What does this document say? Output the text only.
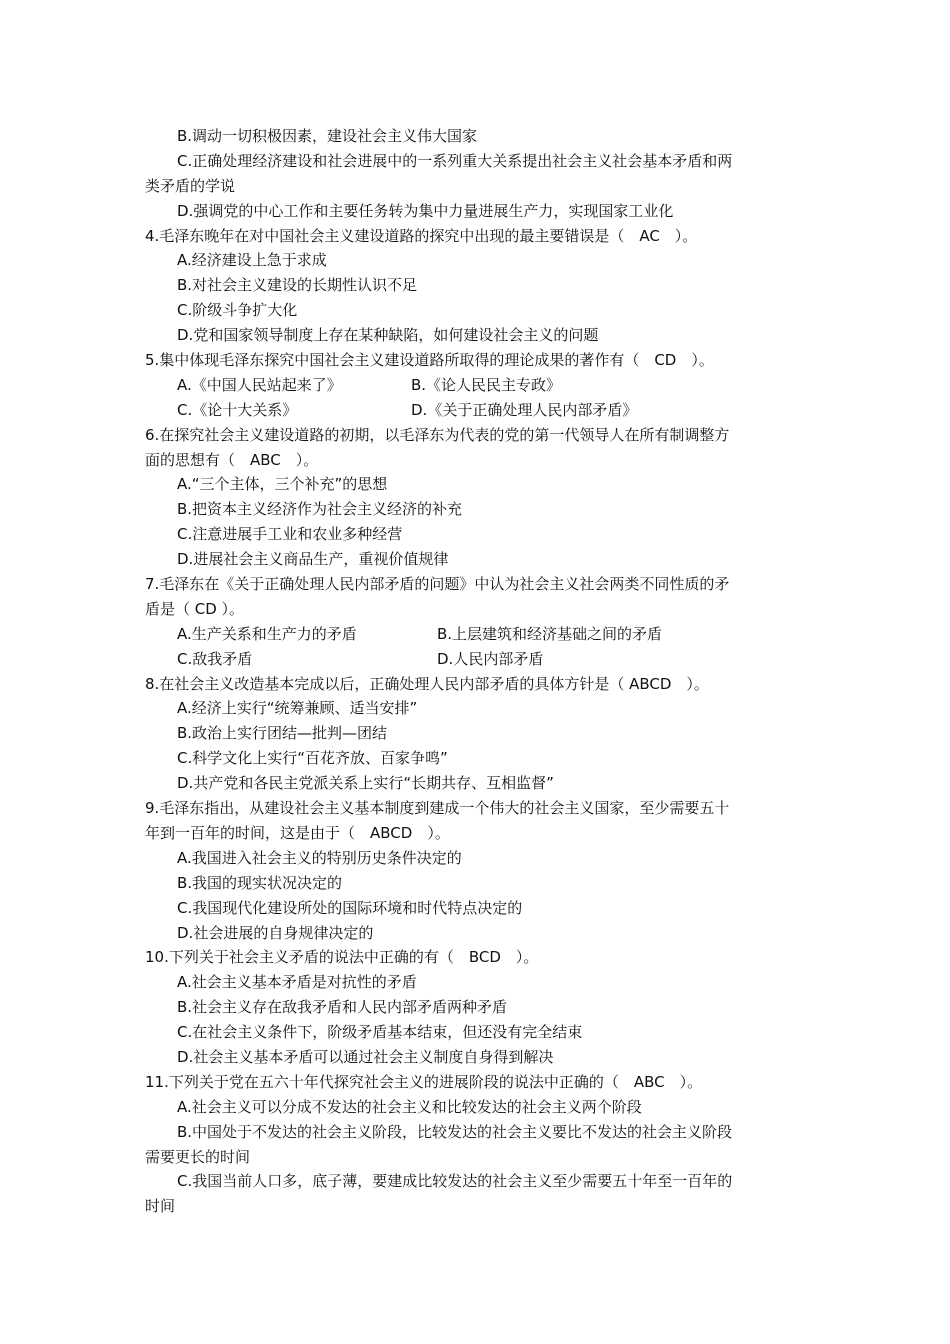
B.调动一切积极因素，建设社会主义伟大国家
C.正确处理经济建设和社会进展中的一系列重大关系提出社会主义社会基本矛盾和两
类矛盾的学说
D.强调党的中心工作和主要任务转为集中力量进展生产力，实现国家工业化
4.毛泽东晚年在对中国社会主义建设道路的探究中出现的最主要错误是（　AC　）。
A.经济建设上急于求成
B.对社会主义建设的长期性认识不足
C.阶级斗争扩大化
D.党和国家领导制度上存在某种缺陷，如何建设社会主义的问题
5.集中体现毛泽东探究中国社会主义建设道路所取得的理论成果的著作有（　CD　）。
A.《中国人民站起来了》	B.《论人民民主专政》
C.《论十大关系》	D.《关于正确处理人民内部矛盾》
6.在探究社会主义建设道路的初期，以毛泽东为代表的党的第一代领导人在所有制调整方
面的思想有（　ABC　）。
A.“三个主体，三个补充”的思想
B.把资本主义经济作为社会主义经济的补充
C.注意进展手工业和农业多种经营
D.进展社会主义商品生产，重视价值规律
7.毛泽东在《关于正确处理人民内部矛盾的问题》中认为社会主义社会两类不同性质的矛
盾是（ CD ）。
A.生产关系和生产力的矛盾	B.上层建筑和经济基础之间的矛盾
C.敌我矛盾	D.人民内部矛盾
8.在社会主义改造基本完成以后，正确处理人民内部矛盾的具体方针是（ ABCD　）。
A.经济上实行“统筹兼顾、适当安排”
B.政治上实行团结—批判—团结
C.科学文化上实行“百花齐放、百家争鸣”
D.共产党和各民主党派关系上实行“长期共存、互相监督”
9.毛泽东指出，从建设社会主义基本制度到建成一个伟大的社会主义国家，至少需要五十
年到一百年的时间，这是由于（　ABCD　）。
A.我国进入社会主义的特别历史条件决定的
B.我国的现实状况决定的
C.我国现代化建设所处的国际环境和时代特点决定的
D.社会进展的自身规律决定的
10.下列关于社会主义矛盾的说法中正确的有（　BCD　）。
A.社会主义基本矛盾是对抗性的矛盾
B.社会主义存在敌我矛盾和人民内部矛盾两种矛盾
C.在社会主义条件下，阶级矛盾基本结束，但还没有完全结束
D.社会主义基本矛盾可以通过社会主义制度自身得到解决
11.下列关于党在五六十年代探究社会主义的进展阶段的说法中正确的（　ABC　）。
A.社会主义可以分成不发达的社会主义和比较发达的社会主义两个阶段
B.中国处于不发达的社会主义阶段，比较发达的社会主义要比不发达的社会主义阶段
需要更长的时间
C.我国当前人口多，底子薄，要建成比较发达的社会主义至少需要五十年至一百年的
时间
